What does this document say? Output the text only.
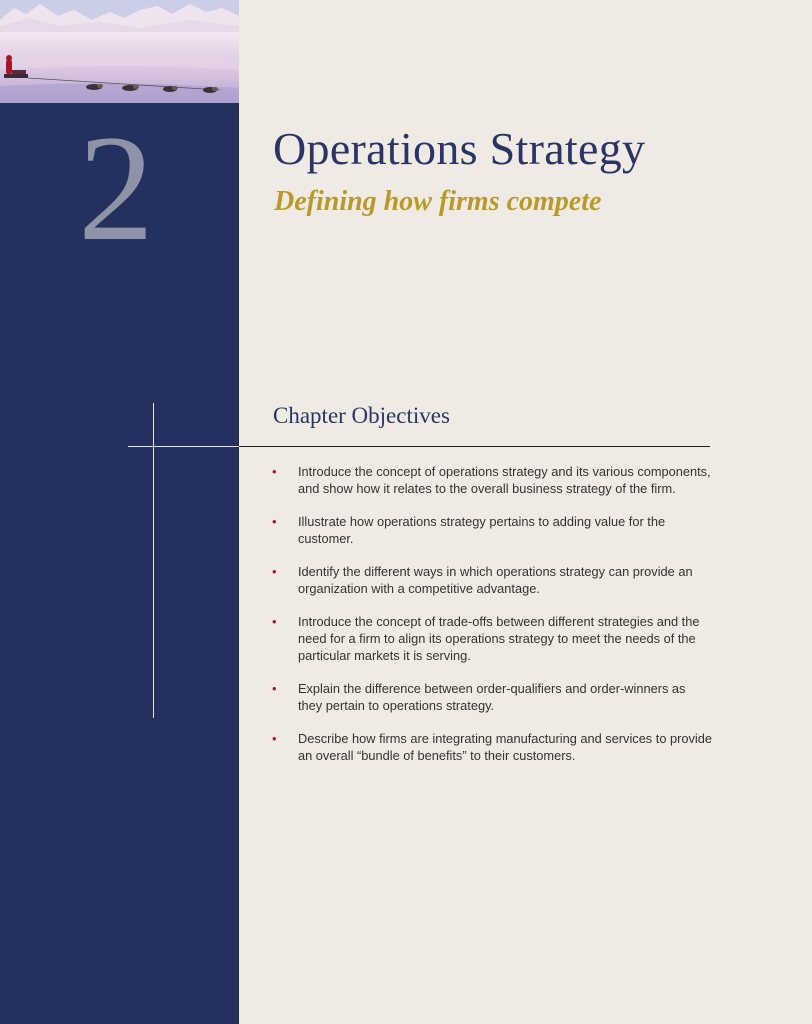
2	Operations Strategy
Defining how firms compete
Chapter Objectives
• Introduce the concept of operations strategy and its various components, and show how it relates to the overall business strategy of the firm.
• Illustrate how operations strategy pertains to adding value for the customer.
• Identify the different ways in which operations strategy can provide an organization with a competitive advantage.
• Introduce the concept of trade-offs between different strategies and the need for a firm to align its operations strategy to meet the needs of the particular markets it is serving.
• Explain the difference between order-qualifiers and order-winners as they pertain to operations strategy.
• Describe how firms are integrating manufacturing and services to provide an overall “bundle of benefits” to their customers.
